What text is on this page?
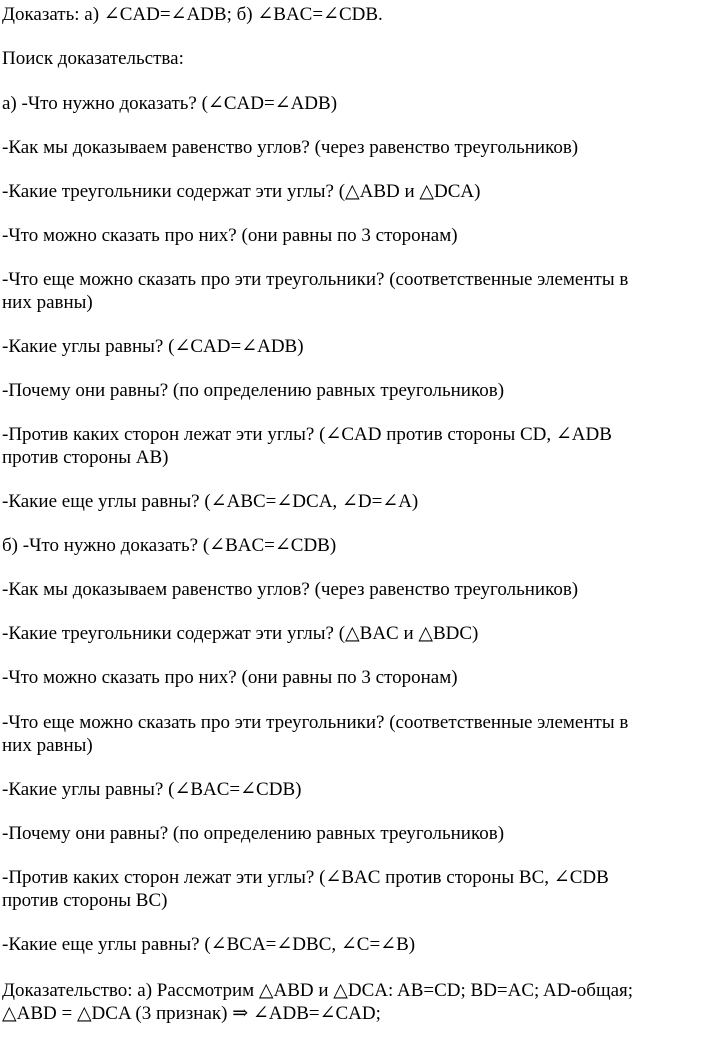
Доказать: а) ∠CAD=∠ADB; б) ∠BAC=∠CDB.
Поиск доказательства:
а) -Что нужно доказать? (∠CAD=∠ADB)
-Как мы доказываем равенство углов? (через равенство треугольников)
-Какие треугольники содержат эти углы? (△ABD и △DCA)
-Что можно сказать про них? (они равны по 3 сторонам)
-Что еще можно сказать про эти треугольники? (соответственные элементы в
них равны)
-Какие углы равны? (∠CAD=∠ADB)
-Почему они равны? (по определению равных треугольников)
-Против каких сторон лежат эти углы? (∠CAD против стороны CD, ∠ADB
против стороны AB)
-Какие еще углы равны? (∠ABC=∠DCA, ∠D=∠A)
б) -Что нужно доказать? (∠BAC=∠CDB)
-Как мы доказываем равенство углов? (через равенство треугольников)
-Какие треугольники содержат эти углы? (△BAC и △BDC)
-Что можно сказать про них? (они равны по 3 сторонам)
-Что еще можно сказать про эти треугольники? (соответственные элементы в
них равны)
-Какие углы равны? (∠BAC=∠CDB)
-Почему они равны? (по определению равных треугольников)
-Против каких сторон лежат эти углы? (∠BAC против стороны BC, ∠CDB
против стороны BC)
-Какие еще углы равны? (∠BCA=∠DBC, ∠C=∠B)
Доказательство: а) Рассмотрим △ABD и △DCA: AB=CD; BD=AC; AD-общая;
△ABD = △DCA (3 признак) ⇒ ∠ADB=∠CAD;
